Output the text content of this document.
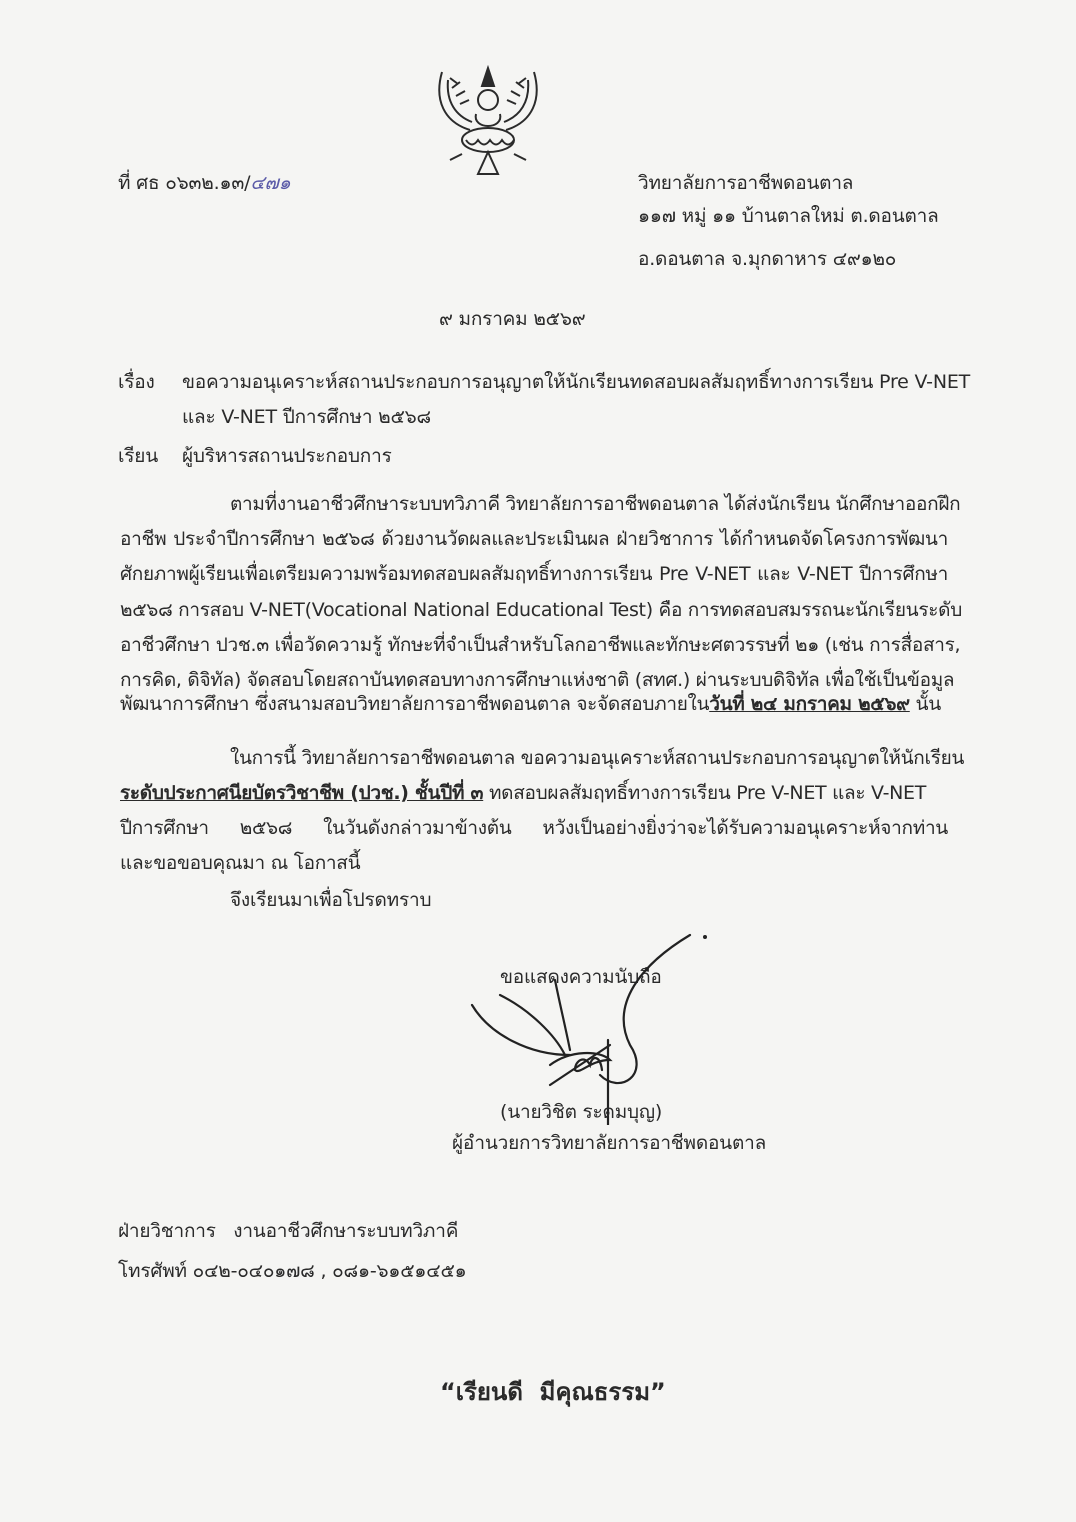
ที่ ศธ ๐๖๓๒.๑๓/๔๗๑	วิทยาลัยการอาชีพดอนตาล
๑๑๗ หมู่ ๑๑ บ้านตาลใหม่ ต.ดอนตาล
อ.ดอนตาล จ.มุกดาหาร ๔๙๑๒๐
๙ มกราคม ๒๕๖๙
เรื่อง ขอความอนุเคราะห์สถานประกอบการอนุญาตให้นักเรียนทดสอบผลสัมฤทธิ์ทางการเรียน Pre V-NET
และ V-NET ปีการศึกษา ๒๕๖๘
เรียน ผู้บริหารสถานประกอบการ
ตามที่งานอาชีวศึกษาระบบทวิภาคี วิทยาลัยการอาชีพดอนตาล ได้ส่งนักเรียน นักศึกษาออกฝึก
อาชีพ ประจำปีการศึกษา ๒๕๖๘ ด้วยงานวัดผลและประเมินผล ฝ่ายวิชาการ ได้กำหนดจัดโครงการพัฒนา
ศักยภาพผู้เรียนเพื่อเตรียมความพร้อมทดสอบผลสัมฤทธิ์ทางการเรียน Pre V-NET และ V-NET ปีการศึกษา
๒๕๖๘ การสอบ V-NET(Vocational National Educational Test) คือ การทดสอบสมรรถนะนักเรียนระดับ
อาชีวศึกษา ปวช.๓ เพื่อวัดความรู้ ทักษะที่จำเป็นสำหรับโลกอาชีพและทักษะศตวรรษที่ ๒๑ (เช่น การสื่อสาร,
การคิด, ดิจิทัล) จัดสอบโดยสถาบันทดสอบทางการศึกษาแห่งชาติ (สทศ.) ผ่านระบบดิจิทัล เพื่อใช้เป็นข้อมูล
พัฒนาการศึกษา ซึ่งสนามสอบวิทยาลัยการอาชีพดอนตาล จะจัดสอบภายในวันที่ ๒๔ มกราคม ๒๕๖๙ นั้น
ในการนี้ วิทยาลัยการอาชีพดอนตาล ขอความอนุเคราะห์สถานประกอบการอนุญาตให้นักเรียน
ระดับประกาศนียบัตรวิชาชีพ (ปวช.) ชั้นปีที่ ๓ ทดสอบผลสัมฤทธิ์ทางการเรียน Pre V-NET และ V-NET
ปีการศึกษา ๒๕๖๘ ในวันดังกล่าวมาข้างต้น หวังเป็นอย่างยิ่งว่าจะได้รับความอนุเคราะห์จากท่าน
และขอขอบคุณมา ณ โอกาสนี้
จึงเรียนมาเพื่อโปรดทราบ
ขอแสดงความนับถือ
(นายวิชิต ระดมบุญ)
ผู้อำนวยการวิทยาลัยการอาชีพดอนตาล
ฝ่ายวิชาการ   งานอาชีวศึกษาระบบทวิภาคี
โทรศัพท์ ๐๔๒-๐๔๐๑๗๘ , ๐๘๑-๖๑๕๑๔๕๑
“เรียนดี  มีคุณธรรม”
